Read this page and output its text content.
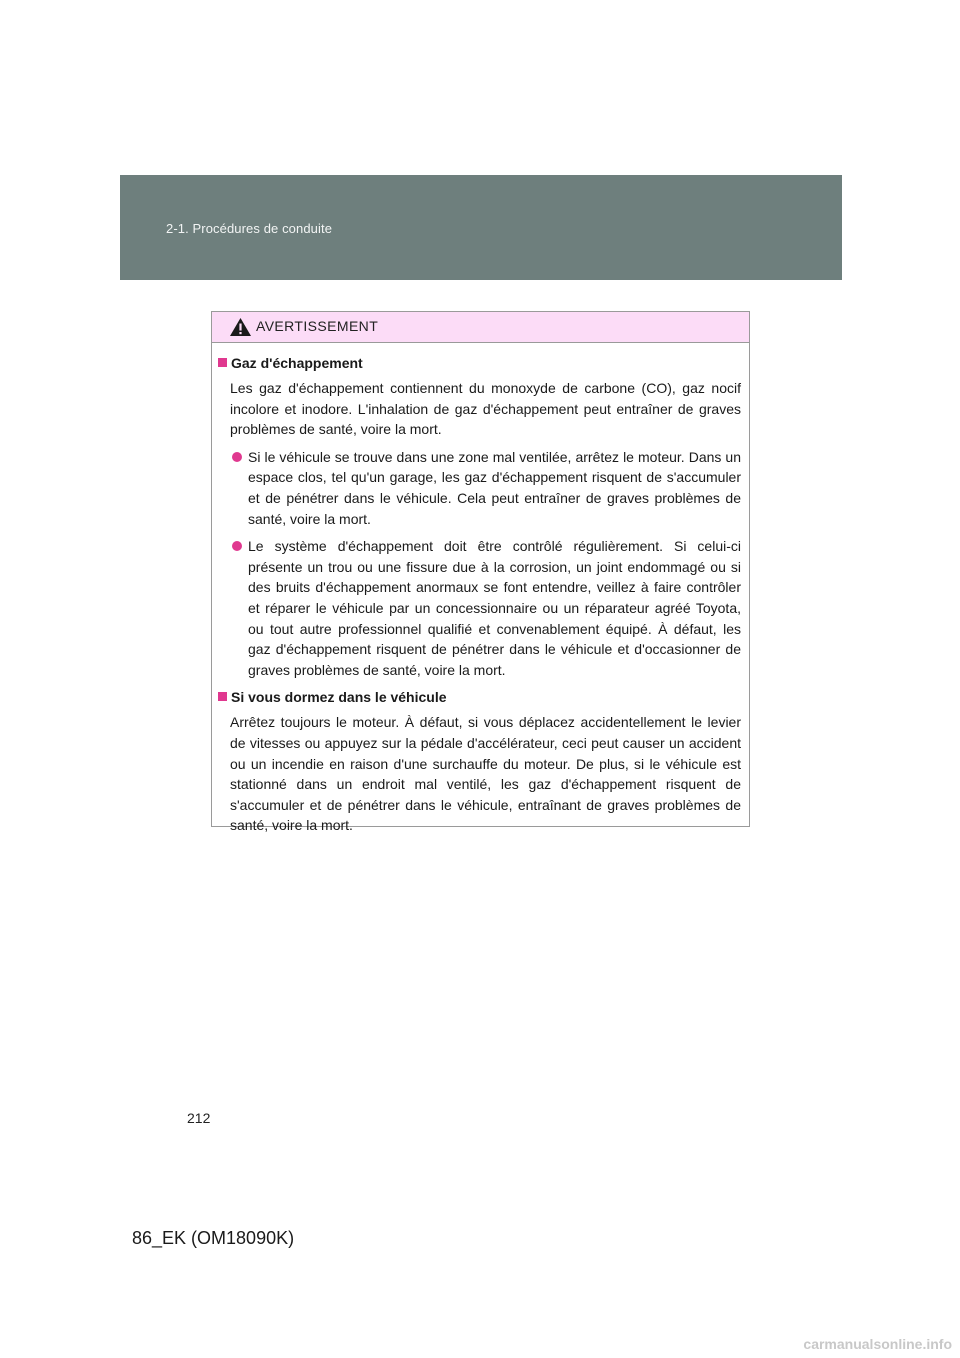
2-1. Procédures de conduite
AVERTISSEMENT
Gaz d'échappement
Les gaz d'échappement contiennent du monoxyde de carbone (CO), gaz nocif incolore et inodore. L'inhalation de gaz d'échappement peut entraîner de graves problèmes de santé, voire la mort.
Si le véhicule se trouve dans une zone mal ventilée, arrêtez le moteur. Dans un espace clos, tel qu'un garage, les gaz d'échappement risquent de s'accumuler et de pénétrer dans le véhicule. Cela peut entraîner de graves problèmes de santé, voire la mort.
Le système d'échappement doit être contrôlé régulièrement. Si celui-ci présente un trou ou une fissure due à la corrosion, un joint endommagé ou si des bruits d'échappement anormaux se font entendre, veillez à faire contrôler et réparer le véhicule par un concessionnaire ou un réparateur agréé Toyota, ou tout autre professionnel qualifié et convenablement équipé. À défaut, les gaz d'échappement risquent de pénétrer dans le véhicule et d'occasionner de graves problèmes de santé, voire la mort.
Si vous dormez dans le véhicule
Arrêtez toujours le moteur. À défaut, si vous déplacez accidentellement le levier de vitesses ou appuyez sur la pédale d'accélérateur, ceci peut causer un accident ou un incendie en raison d'une surchauffe du moteur. De plus, si le véhicule est stationné dans un endroit mal ventilé, les gaz d'échappement risquent de s'accumuler et de pénétrer dans le véhicule, entraînant de graves problèmes de santé, voire la mort.
212
86_EK (OM18090K)
carmanualsonline.info
